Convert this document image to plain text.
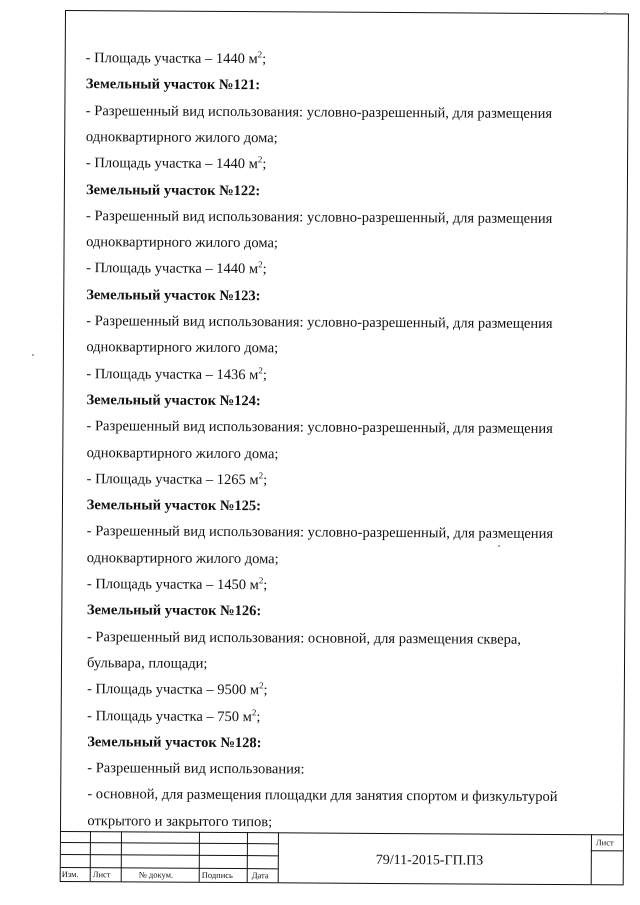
- Площадь участка – 1440 $м^2$;
Земельный участок №121:
- Разрешенный вид использования: условно-разрешенный, для размещения
одноквартирного жилого дома;
- Площадь участка – 1440 $м^2$;
Земельный участок №122:
- Разрешенный вид использования: условно-разрешенный, для размещения
одноквартирного жилого дома;
- Площадь участка – 1440 $м^2$;
Земельный участок №123:
- Разрешенный вид использования: условно-разрешенный, для размещения
одноквартирного жилого дома;
- Площадь участка – 1436 $м^2$;
Земельный участок №124:
- Разрешенный вид использования: условно-разрешенный, для размещения
одноквартирного жилого дома;
- Площадь участка – 1265 $м^2$;
Земельный участок №125:
- Разрешенный вид использования: условно-разрешенный, для размещения
одноквартирного жилого дома;
- Площадь участка – 1450 $м^2$;
Земельный участок №126:
- Разрешенный вид использования: основной, для размещения сквера,
бульвара, площади;
- Площадь участка – 9500 $м^2$;
- Площадь участка – 750 $м^2$;
Земельный участок №128:
- Разрешенный вид использования:
- основной, для размещения площадки для занятия спортом и физкультурой
открытого и закрытого типов;
Изм. Лист	№ докум.	Подпись Дата
Лист
79/11-2015-ГП.ПЗ
